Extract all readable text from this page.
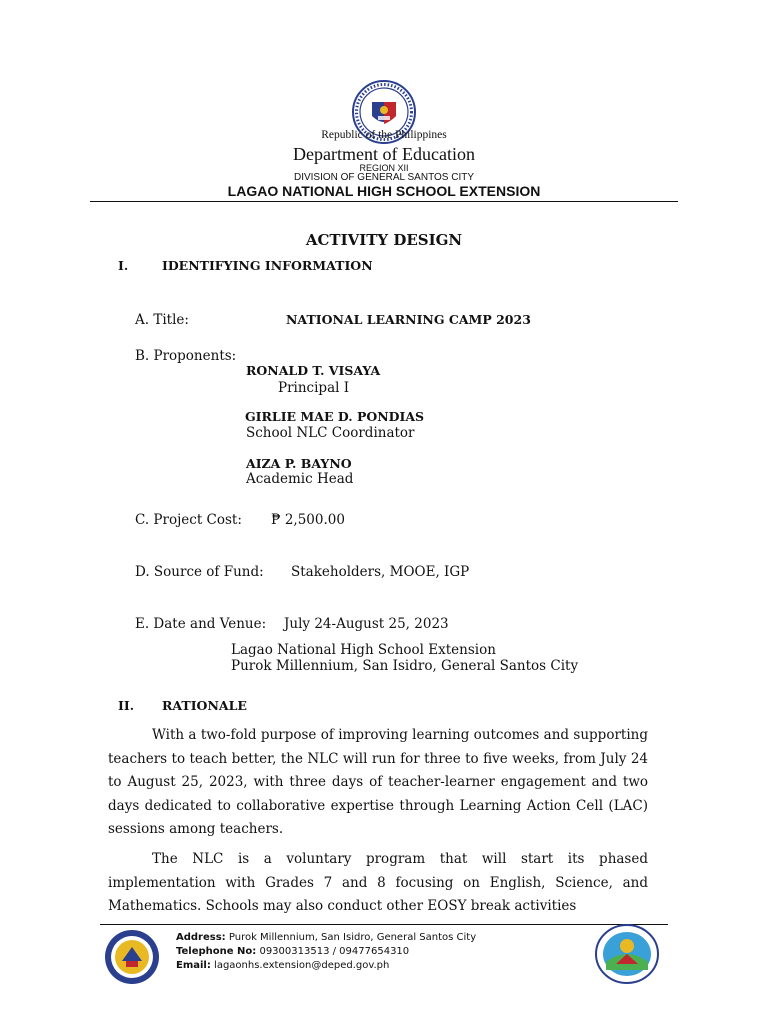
Republic of the Philippines
Department of Education
REGION XII
DIVISION OF GENERAL SANTOS CITY
LAGAO NATIONAL HIGH SCHOOL EXTENSION
ACTIVITY DESIGN
I.	IDENTIFYING INFORMATION
A. Title:	NATIONAL LEARNING CAMP 2023
B. Proponents:
RONALD T. VISAYA
Principal I
GIRLIE MAE D. PONDIAS
School NLC Coordinator
AIZA P. BAYNO
Academic Head
C. Project Cost: ₱ 2,500.00
D. Source of Fund: Stakeholders, MOOE, IGP
E. Date and Venue: July 24-August 25, 2023
Lagao National High School Extension
Purok Millennium, San Isidro, General Santos City
II. RATIONALE

With a two-fold purpose of improving learning outcomes and supporting teachers to teach better, the NLC will run for three to five weeks, from July 24 to August 25, 2023, with three days of teacher-learner engagement and two days dedicated to collaborative expertise through Learning Action Cell (LAC) sessions among teachers.

The NLC is a voluntary program that will start its phased implementation with Grades 7 and 8 focusing on English, Science, and Mathematics. Schools may also conduct other EOSY break activities

Address: Purok Millennium, San Isidro, General Santos City
Telephone No: 09300313513 / 09477654310
Email: lagaonhs.extension@deped.gov.ph
